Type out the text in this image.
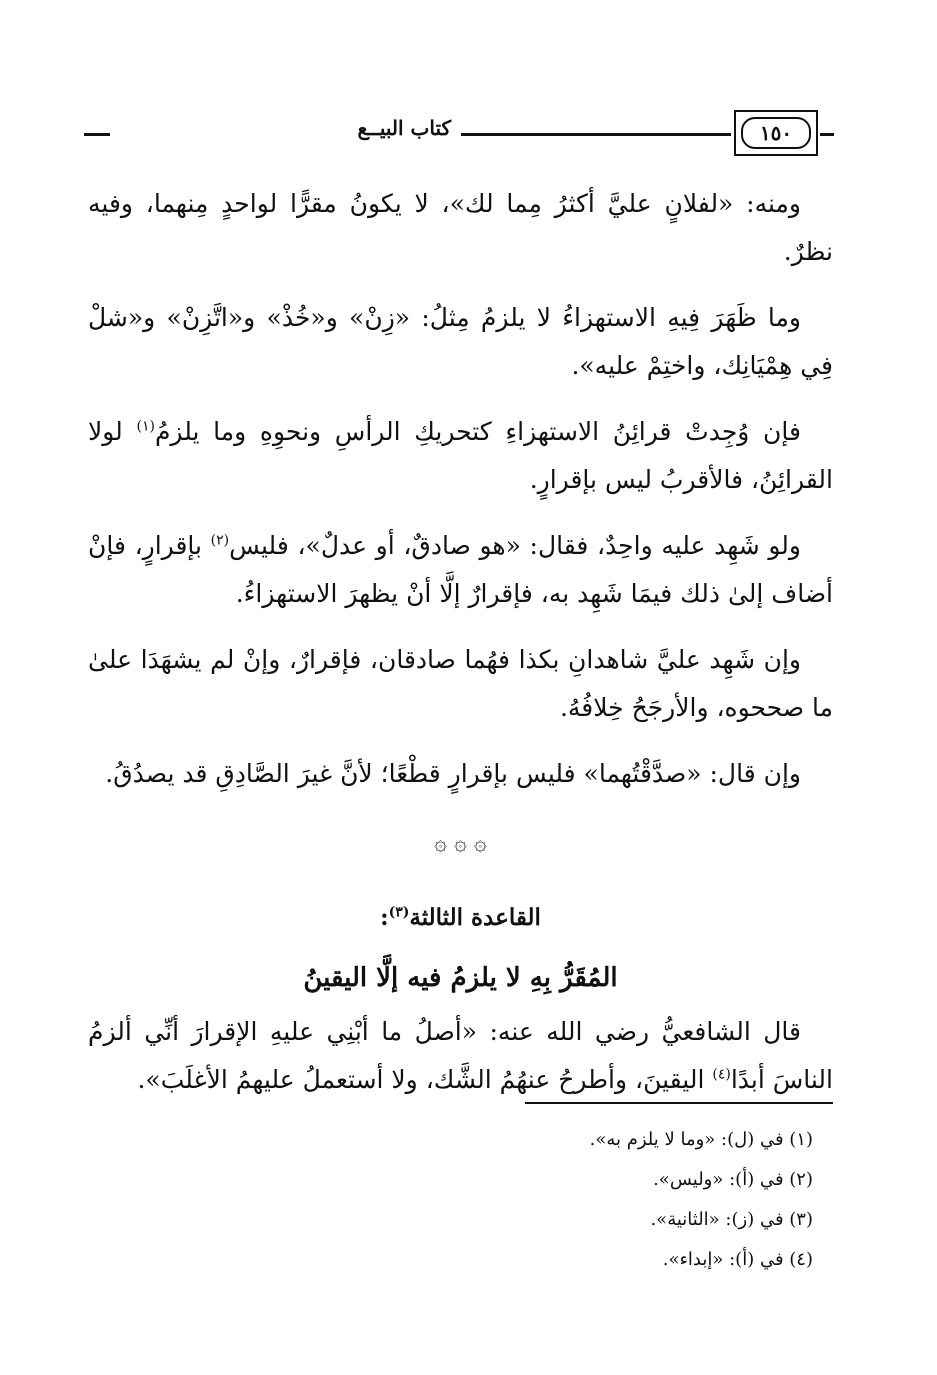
١٥٠
كتاب البيــع

ومنه: «لفلانٍ عليَّ أكثرُ مِما لك»، لا يكونُ مقرًّا لواحدٍ مِنهما، وفيه نظرٌ.

وما ظَهَرَ فِيهِ الاستهزاءُ لا يلزمُ مِثلُ: «زِنْ» و«خُذْ» و«اتَّزِنْ» و«شلْ فِي هِمْيَانِك، واختِمْ عليه».

فإن وُجِدتْ قرائِنُ الاستهزاءِ كتحريكِ الرأسِ ونحوِهِ وما يلزمُ$^{(١)}$ لولا القرائِنُ، فالأقربُ ليس بإقرارٍ.

ولو شَهِد عليه واحِدٌ، فقال: «هو صادقٌ، أو عدلٌ»، فليس$^{(٢)}$ بإقرارٍ، فإنْ أضاف إلىٰ ذلك فيمَا شَهِد به، فإقرارٌ إلَّا أنْ يظهرَ الاستهزاءُ.

وإن شَهِد عليَّ شاهدانِ بكذا فهُما صادقان، فإقرارٌ، وإنْ لم يشهَدَا علىٰ ما صححوه، والأرجَحُ خِلافُهُ.

وإن قال: «صدَّقْتُهما» فليس بإقرارٍ قطْعًا؛ لأنَّ غيرَ الصَّادِقِ قد يصدُقُ.

۞ ۞ ۞
القاعدة الثالثة$^{(٣)}$:
المُقَرُّ بِهِ لا يلزمُ فيه إلَّا اليقينُ

قال الشافعيُّ رضي الله عنه: «أصلُ ما أبْنِي عليهِ الإقرارَ أنِّي ألزمُ الناسَ أبدًا$^{(٤)}$ اليقينَ، وأطرحُ عنهُمُ الشَّك، ولا أستعملُ عليهمُ الأغلَبَ».

(١) في (ل): «وما لا يلزم به».
(٢) في (أ): «وليس».
(٣) في (ز): «الثانية».
(٤) في (أ): «إبداء».
